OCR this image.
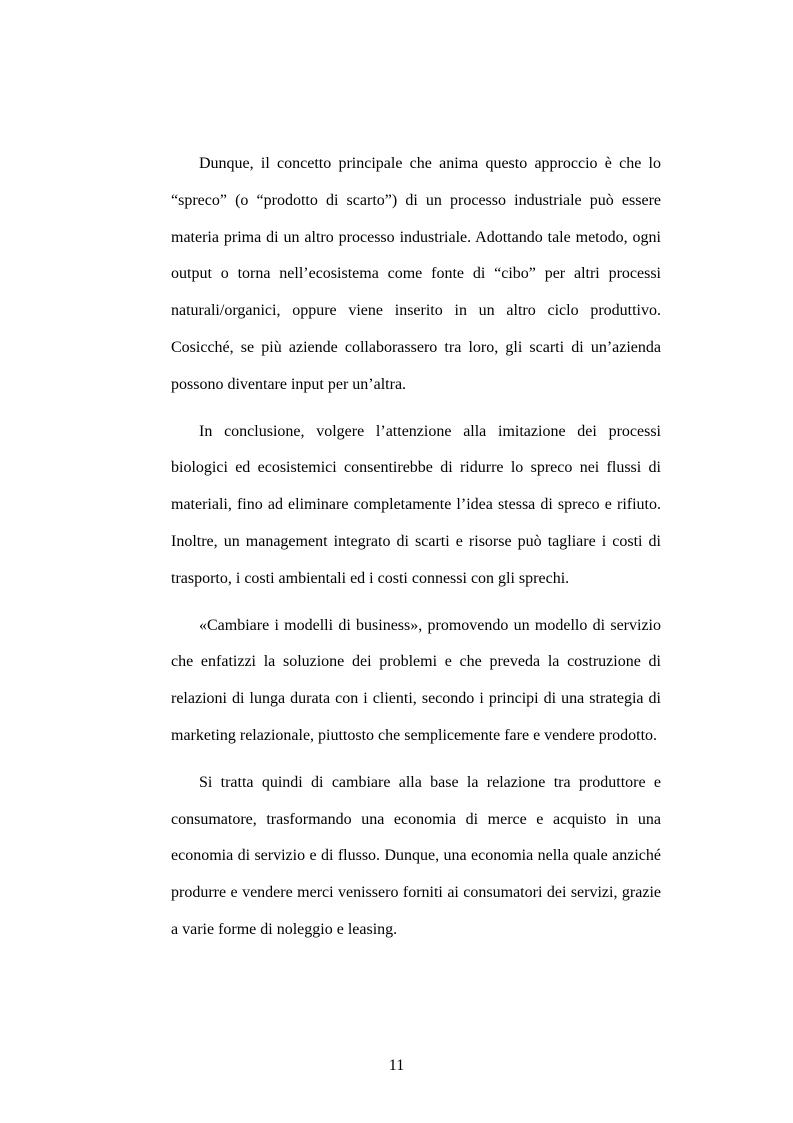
Dunque, il concetto principale che anima questo approccio è che lo “spreco” (o “prodotto di scarto”) di un processo industriale può essere materia prima di un altro processo industriale. Adottando tale metodo, ogni output o torna nell’ecosistema come fonte di “cibo” per altri processi naturali/organici, oppure viene inserito in un altro ciclo produttivo. Cosicché, se più aziende collaborassero tra loro, gli scarti di un’azienda possono diventare input per un’altra.

In conclusione, volgere l’attenzione alla imitazione dei processi biologici ed ecosistemici consentirebbe di ridurre lo spreco nei flussi di materiali, fino ad eliminare completamente l’idea stessa di spreco e rifiuto. Inoltre, un management integrato di scarti e risorse può tagliare i costi di trasporto, i costi ambientali ed i costi connessi con gli sprechi.

«Cambiare i modelli di business», promovendo un modello di servizio che enfatizzi la soluzione dei problemi e che preveda la costruzione di relazioni di lunga durata con i clienti, secondo i principi di una strategia di marketing relazionale, piuttosto che semplicemente fare e vendere prodotto.

Si tratta quindi di cambiare alla base la relazione tra produttore e consumatore, trasformando una economia di merce e acquisto in una economia di servizio e di flusso. Dunque, una economia nella quale anziché produrre e vendere merci venissero forniti ai consumatori dei servizi, grazie a varie forme di noleggio e leasing.

11
